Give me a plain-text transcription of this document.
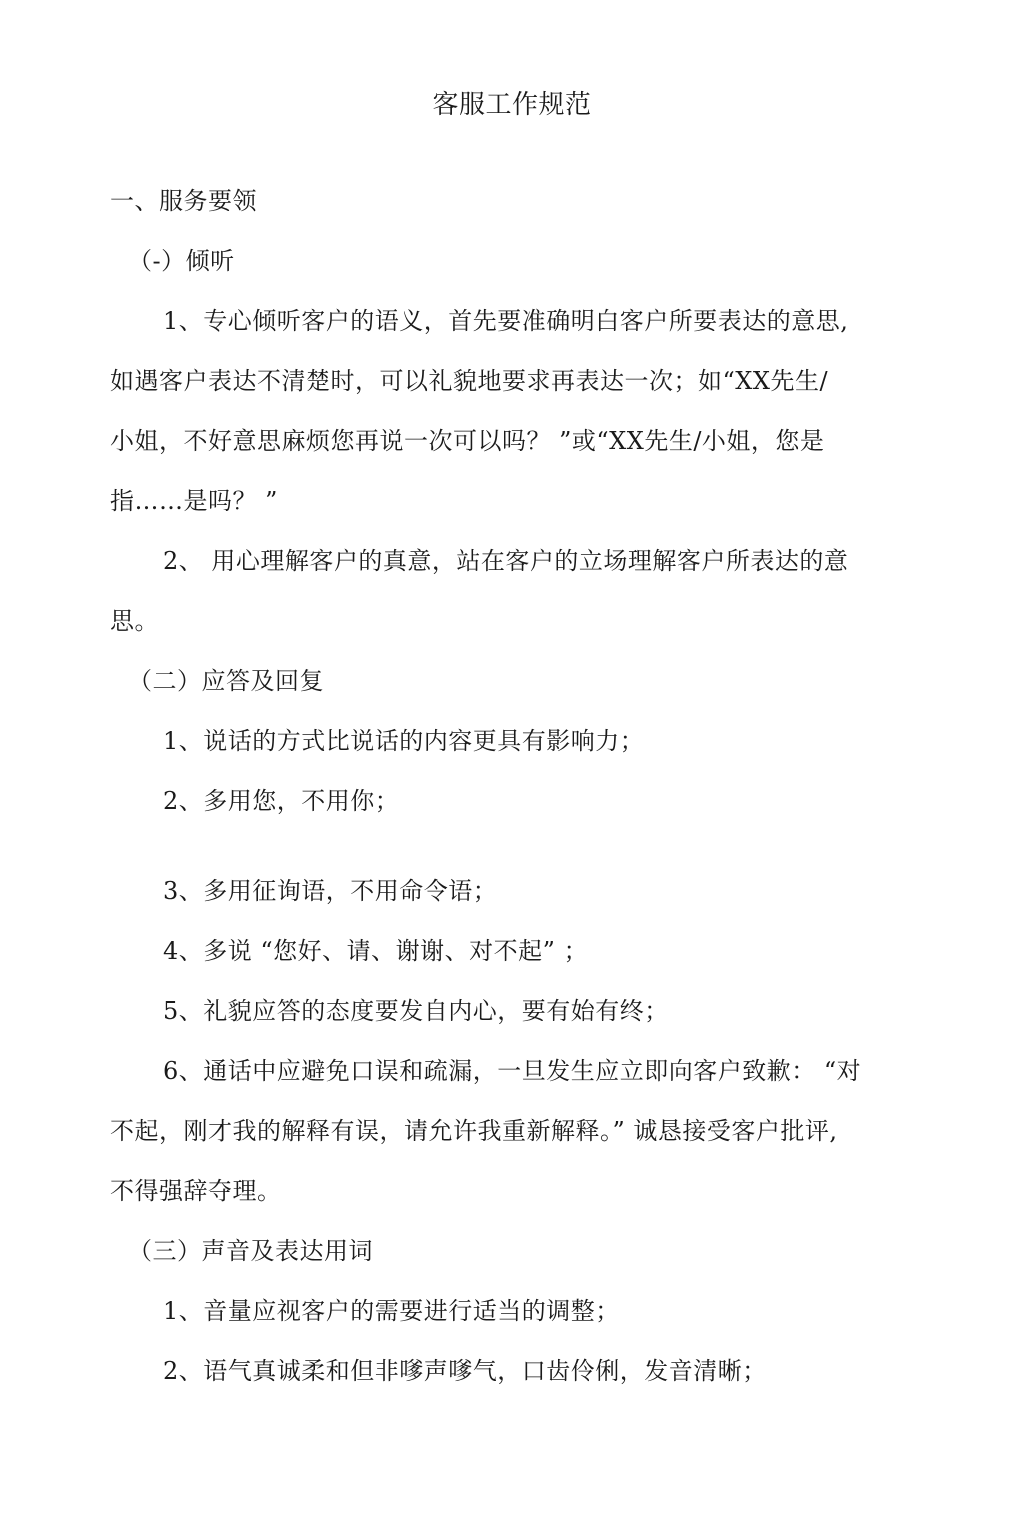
客服工作规范
一、服务要领
（-）倾听
1、专心倾听客户的语义，首先要准确明白客户所要表达的意思,
如遇客户表达不清楚时，可以礼貌地要求再表达一次；如“XX先生/
小姐，不好意思麻烦您再说一次可以吗？ ”或“XX先生/小姐，您是
指……是吗？ ”
2、 用心理解客户的真意，站在客户的立场理解客户所表达的意
思。
（二）应答及回复
1、说话的方式比说话的内容更具有影响力；
2、多用您，不用你；
3、多用征询语，不用命令语；
4、多说 “您好、请、谢谢、对不起” ；
5、礼貌应答的态度要发自内心，要有始有终；
6、通话中应避免口误和疏漏，一旦发生应立即向客户致歉： “对
不起，刚才我的解释有误，请允许我重新解释。” 诚恳接受客户批评,
不得强辞夺理。
（三）声音及表达用词
1、音量应视客户的需要进行适当的调整；
2、语气真诚柔和但非嗲声嗲气，口齿伶俐，发音清晰；
